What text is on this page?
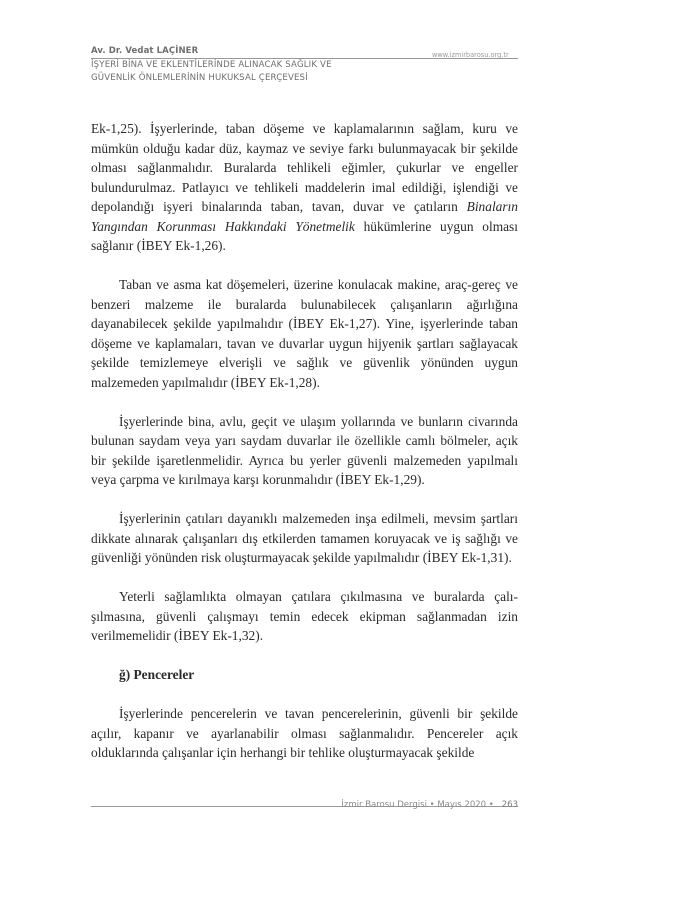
Av. Dr. Vedat LAÇİNER	www.izmirbarosu.org.tr
İŞYERİ BİNA VE EKLENTİLERİNDE ALINACAK SAĞLIK VE
GÜVENLİK ÖNLEMLERİNİN HUKUKSAL ÇERÇEVESİ

Ek-1,25). İşyerlerinde, taban döşeme ve kaplamalarının sağlam, kuru ve mümkün olduğu kadar düz, kaymaz ve seviye farkı bulunmayacak bir şekilde olması sağlanmalıdır. Buralarda tehlikeli eğimler, çukurlar ve engeller bulundurulmaz. Patlayıcı ve tehlikeli maddelerin imal edildiği, işlendiği ve depolandığı işyeri binalarında taban, tavan, duvar ve çatıların Binaların Yangından Korunması Hakkındaki Yönetmelik hükümlerine uygun olması sağlanır (İBEY Ek-1,26).

Taban ve asma kat döşemeleri, üzerine konulacak makine, araç-gereç ve benzeri malzeme ile buralarda bulunabilecek çalışanların ağırlığına dayanabilecek şekilde yapılmalıdır (İBEY Ek-1,27). Yine, işyerlerinde taban döşeme ve kaplamaları, tavan ve duvarlar uygun hijyenik şartları sağlayacak şekilde temizlemeye elverişli ve sağlık ve güvenlik yönünden uygun malzemeden yapılmalıdır (İBEY Ek-1,28).

İşyerlerinde bina, avlu, geçit ve ulaşım yollarında ve bunların civarında bulunan saydam veya yarı saydam duvarlar ile özellikle camlı bölmeler, açık bir şekilde işaretlenmelidir. Ayrıca bu yerler güvenli malzemeden yapılmalı veya çarpma ve kırılmaya karşı korunmalıdır (İBEY Ek-1,29).

İşyerlerinin çatıları dayanıklı malzemeden inşa edilmeli, mevsim şartları dikkate alınarak çalışanları dış etkilerden tamamen koruyacak ve iş sağlığı ve güvenliği yönünden risk oluşturmayacak şekilde yapılmalıdır (İBEY Ek-1,31).

Yeterli sağlamlıkta olmayan çatılara çıkılmasına ve buralarda çalışılmasına, güvenli çalışmayı temin edecek ekipman sağlanmadan izin verilmemelidir (İBEY Ek-1,32).

ğ) Pencereler

İşyerlerinde pencerelerin ve tavan pencerelerinin, güvenli bir şekilde açılır, kapanır ve ayarlanabilir olması sağlanmalıdır. Pencereler açık olduklarında çalışanlar için herhangi bir tehlike oluşturmayacak şekilde

İzmir Barosu Dergisi • Mayıs 2020 • 263
